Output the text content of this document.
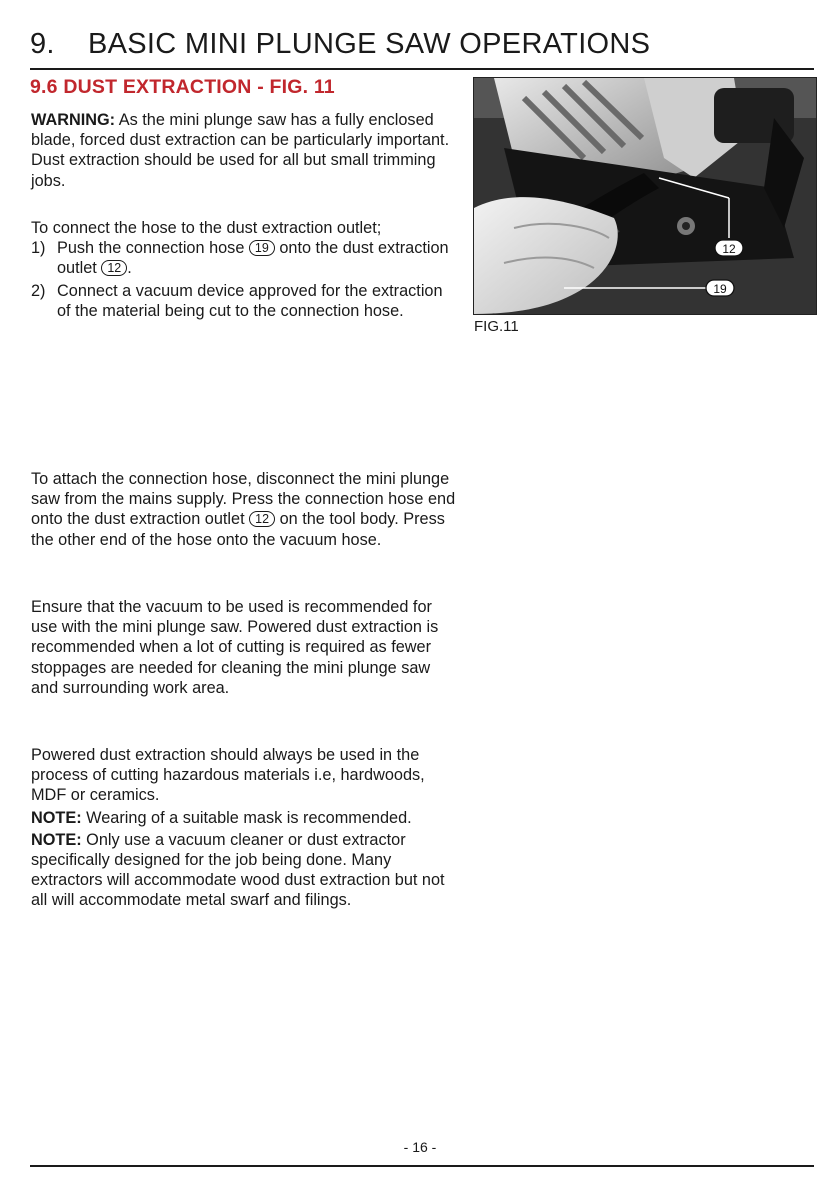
9. BASIC MINI PLUNGE SAW OPERATIONS
9.6 DUST EXTRACTION - FIG. 11

WARNING: As the mini plunge saw has a fully enclosed blade, forced dust extraction can be particularly important. Dust extraction should be used for all but small trimming jobs.

To connect the hose to the dust extraction outlet;

1) Push the connection hose 19 onto the dust extraction outlet 12 .
2) Connect a vacuum device approved for the extraction of the material being cut to the connection hose.

To attach the connection hose, disconnect the mini plunge saw from the mains supply. Press the connection hose end onto the dust extraction outlet 12 on the tool body. Press the other end of the hose onto the vacuum hose.

Ensure that the vacuum to be used is recommended for use with the mini plunge saw. Powered dust extraction is recommended when a lot of cutting is required as fewer stoppages are needed for cleaning the mini plunge saw and surrounding work area.

Powered dust extraction should always be used in the process of cutting hazardous materials i.e, hardwoods, MDF or ceramics.

NOTE: Wearing of a suitable mask is recommended.

NOTE: Only use a vacuum cleaner or dust extractor specifically designed for the job being done. Many extractors will accommodate wood dust extraction but not all will accommodate metal swarf and filings.

12
19
FIG.11
- 16 -
